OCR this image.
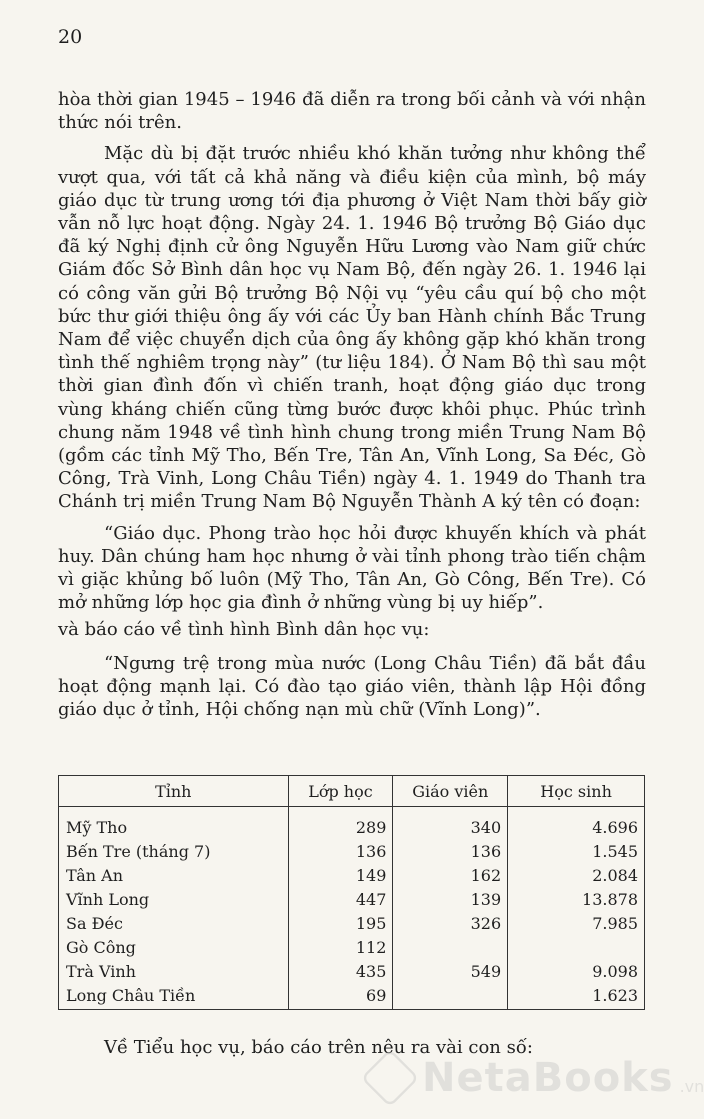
20

hòa thời gian 1945 – 1946 đã diễn ra trong bối cảnh và với nhận thức nói trên.

Mặc dù bị đặt trước nhiều khó khăn tưởng như không thể vượt qua, với tất cả khả năng và điều kiện của mình, bộ máy giáo dục từ trung ương tới địa phương ở Việt Nam thời bấy giờ vẫn nỗ lực hoạt động. Ngày 24. 1. 1946 Bộ trưởng Bộ Giáo dục đã ký Nghị định cử ông Nguyễn Hữu Lương vào Nam giữ chức Giám đốc Sở Bình dân học vụ Nam Bộ, đến ngày 26. 1. 1946 lại có công văn gửi Bộ trưởng Bộ Nội vụ “yêu cầu quí bộ cho một bức thư giới thiệu ông ấy với các Ủy ban Hành chính Bắc Trung Nam để việc chuyển dịch của ông ấy không gặp khó khăn trong tình thế nghiêm trọng này” (tư liệu 184). Ở Nam Bộ thì sau một thời gian đình đốn vì chiến tranh, hoạt động giáo dục trong vùng kháng chiến cũng từng bước được khôi phục. Phúc trình chung năm 1948 về tình hình chung trong miền Trung Nam Bộ (gồm các tỉnh Mỹ Tho, Bến Tre, Tân An, Vĩnh Long, Sa Đéc, Gò Công, Trà Vinh, Long Châu Tiền) ngày 4. 1. 1949 do Thanh tra Chánh trị miền Trung Nam Bộ Nguyễn Thành A ký tên có đoạn:

“Giáo dục. Phong trào học hỏi được khuyến khích và phát huy. Dân chúng ham học nhưng ở vài tỉnh phong trào tiến chậm vì giặc khủng bố luôn (Mỹ Tho, Tân An, Gò Công, Bến Tre). Có mở những lớp học gia đình ở những vùng bị uy hiếp”.

và báo cáo về tình hình Bình dân học vụ:

“Ngưng trệ trong mùa nước (Long Châu Tiền) đã bắt đầu hoạt động mạnh lại. Có đào tạo giáo viên, thành lập Hội đồng giáo dục ở tỉnh, Hội chống nạn mù chữ (Vĩnh Long)”.

Tỉnh	Lớp học	Giáo viên	Học sinh
Mỹ Tho	289	340	4.696
Bến Tre (tháng 7)	136	136	1.545
Tân An	149	162	2.084
Vĩnh Long	447	139	13.878
Sa Đéc	195	326	7.985
Gò Công	112		
Trà Vinh	435	549	9.098
Long Châu Tiền	69		1.623
Về Tiểu học vụ, báo cáo trên nêu ra vài con số:
NetaBooks .vn
